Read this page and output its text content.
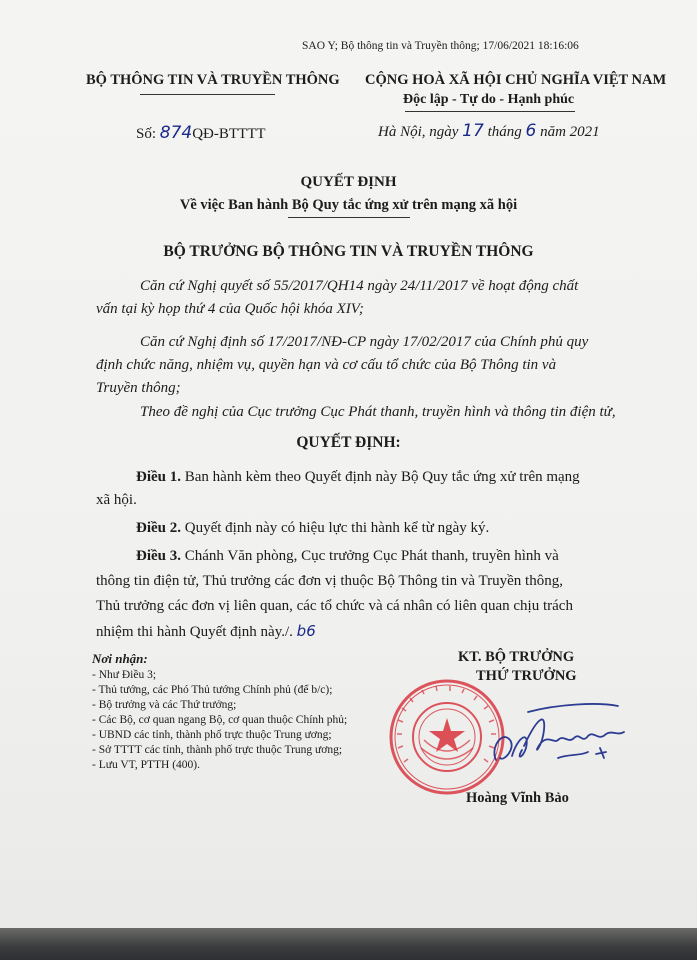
SAO Y; Bộ thông tin và Truyền thông; 17/06/2021 18:16:06
BỘ THÔNG TIN VÀ TRUYỀN THÔNG CỘNG HOÀ XÃ HỘI CHỦ NGHĨA VIỆT NAM
Độc lập - Tự do - Hạnh phúc
Số: 874QĐ-BTTTT	Hà Nội, ngày 17 tháng 6 năm 2021
QUYẾT ĐỊNH
Về việc Ban hành Bộ Quy tắc ứng xử trên mạng xã hội
BỘ TRƯỞNG BỘ THÔNG TIN VÀ TRUYỀN THÔNG
Căn cứ Nghị quyết số 55/2017/QH14 ngày 24/11/2017 về hoạt động chất
vấn tại kỳ họp thứ 4 của Quốc hội khóa XIV;
Căn cứ Nghị định số 17/2017/NĐ-CP ngày 17/02/2017 của Chính phủ quy
định chức năng, nhiệm vụ, quyền hạn và cơ cấu tổ chức của Bộ Thông tin và
Truyền thông;
Theo đề nghị của Cục trưởng Cục Phát thanh, truyền hình và thông tin điện tử,
QUYẾT ĐỊNH:
Điều 1. Ban hành kèm theo Quyết định này Bộ Quy tắc ứng xử trên mạng
xã hội.
Điều 2. Quyết định này có hiệu lực thi hành kể từ ngày ký.
Điều 3. Chánh Văn phòng, Cục trưởng Cục Phát thanh, truyền hình và
thông tin điện tử, Thủ trưởng các đơn vị thuộc Bộ Thông tin và Truyền thông,
Thủ trưởng các đơn vị liên quan, các tổ chức và cá nhân có liên quan chịu trách
nhiệm thi hành Quyết định này./. b6
Nơi nhận:
- Như Điều 3;
- Thủ tướng, các Phó Thủ tướng Chính phủ (để b/c);
- Bộ trưởng và các Thứ trưởng;
- Các Bộ, cơ quan ngang Bộ, cơ quan thuộc Chính phủ;
- UBND các tỉnh, thành phố trực thuộc Trung ương;
- Sở TTTT các tỉnh, thành phố trực thuộc Trung ương;
- Lưu VT, PTTH (400).
KT. BỘ TRƯỞNG
THỨ TRƯỞNG
Hoàng Vĩnh Bảo
